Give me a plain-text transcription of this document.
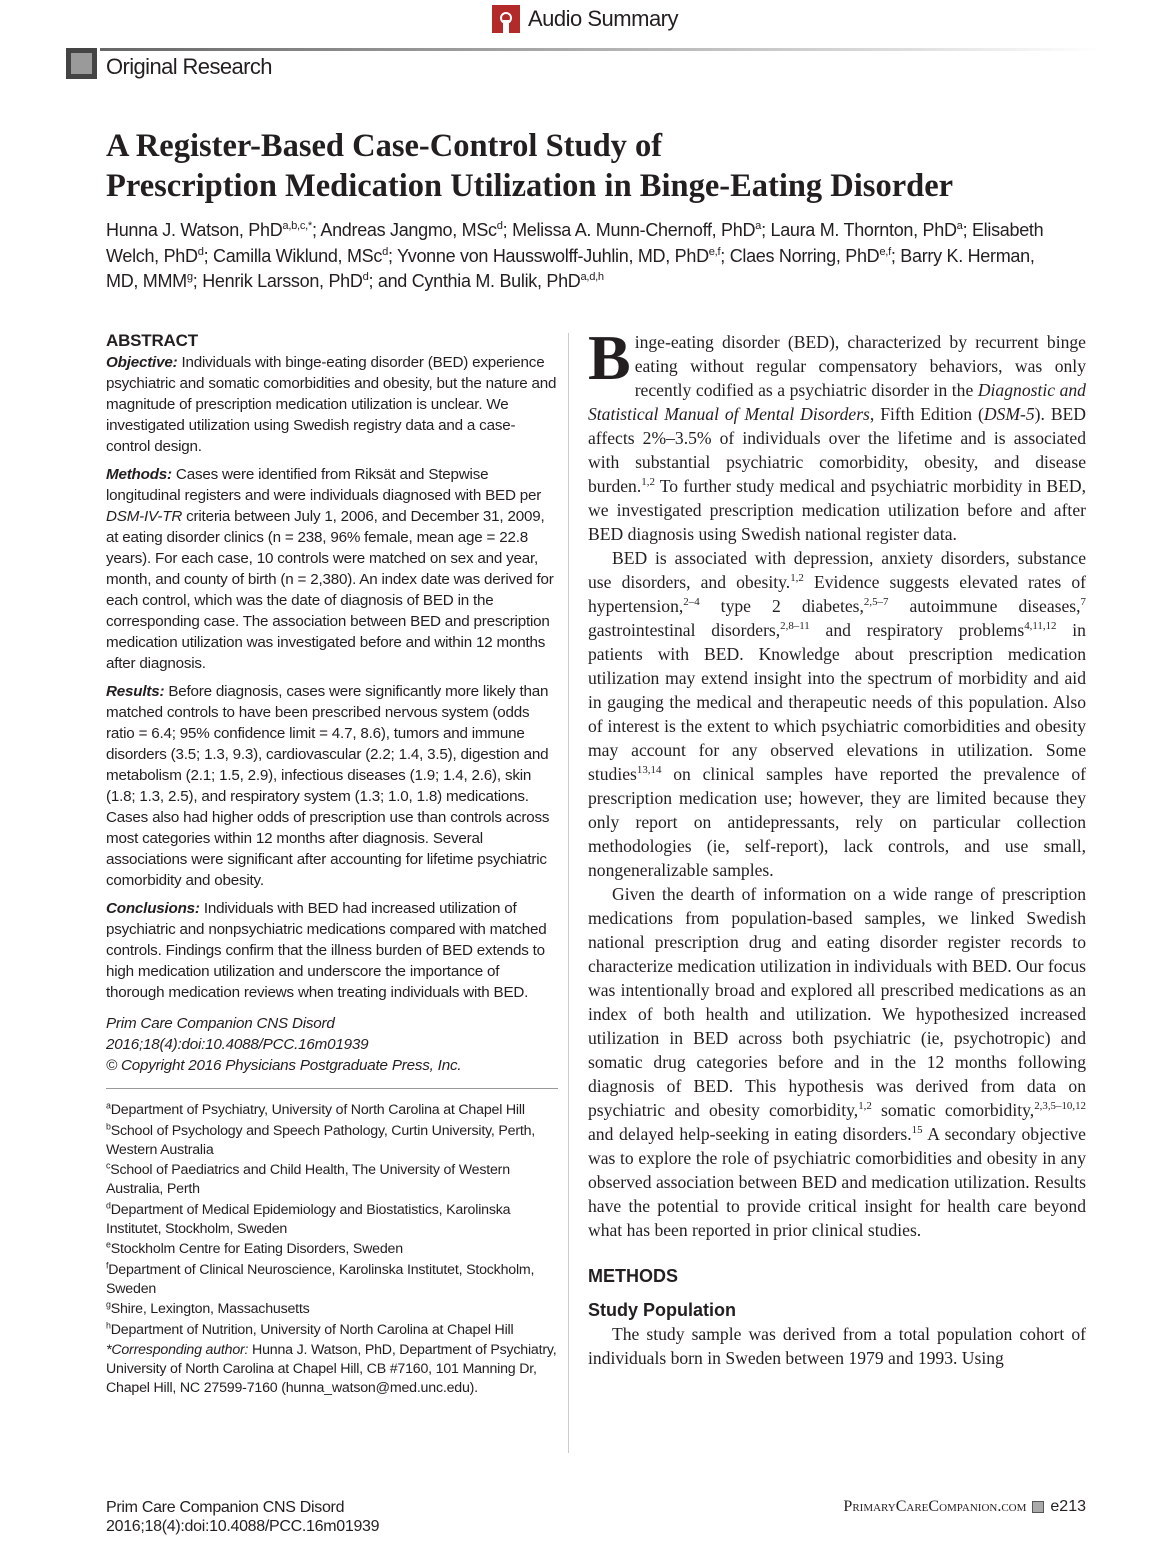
Audio Summary
Original Research
A Register-Based Case-Control Study of
Prescription Medication Utilization in Binge-Eating Disorder
Hunna J. Watson, PhD$^{a,b,c,*}$; Andreas Jangmo, MSc$^d$; Melissa A. Munn-Chernoff, PhD$^a$; Laura M. Thornton, PhD$^a$; Elisabeth Welch, PhD$^d$; Camilla Wiklund, MSc$^d$; Yvonne von Hausswolff-Juhlin, MD, PhD$^{e,f}$; Claes Norring, PhD$^{e,f}$; Barry K. Herman, MD, MMM$^g$; Henrik Larsson, PhD$^d$; and Cynthia M. Bulik, PhD$^{a,d,h}$
ABSTRACT

Objective: Individuals with binge-eating disorder (BED) experience psychiatric and somatic comorbidities and obesity, but the nature and magnitude of prescription medication utilization is unclear. We investigated utilization using Swedish registry data and a case-control design.

Methods: Cases were identified from Riksät and Stepwise longitudinal registers and were individuals diagnosed with BED per DSM-IV-TR criteria between July 1, 2006, and December 31, 2009, at eating disorder clinics (n = 238, 96% female, mean age = 22.8 years). For each case, 10 controls were matched on sex and year, month, and county of birth (n = 2,380). An index date was derived for each control, which was the date of diagnosis of BED in the corresponding case. The association between BED and prescription medication utilization was investigated before and within 12 months after diagnosis.

Results: Before diagnosis, cases were significantly more likely than matched controls to have been prescribed nervous system (odds ratio = 6.4; 95% confidence limit = 4.7, 8.6), tumors and immune disorders (3.5; 1.3, 9.3), cardiovascular (2.2; 1.4, 3.5), digestion and metabolism (2.1; 1.5, 2.9), infectious diseases (1.9; 1.4, 2.6), skin (1.8; 1.3, 2.5), and respiratory system (1.3; 1.0, 1.8) medications. Cases also had higher odds of prescription use than controls across most categories within 12 months after diagnosis. Several associations were significant after accounting for lifetime psychiatric comorbidity and obesity.

Conclusions: Individuals with BED had increased utilization of psychiatric and nonpsychiatric medications compared with matched controls. Findings confirm that the illness burden of BED extends to high medication utilization and underscore the importance of thorough medication reviews when treating individuals with BED.

Prim Care Companion CNS Disord
2016;18(4):doi:10.4088/PCC.16m01939
© Copyright 2016 Physicians Postgraduate Press, Inc.

$^a$Department of Psychiatry, University of North Carolina at Chapel Hill

$^b$School of Psychology and Speech Pathology, Curtin University, Perth, Western Australia

$^c$School of Paediatrics and Child Health, The University of Western Australia, Perth

$^d$Department of Medical Epidemiology and Biostatistics, Karolinska Institutet, Stockholm, Sweden

$^e$Stockholm Centre for Eating Disorders, Sweden

$^f$Department of Clinical Neuroscience, Karolinska Institutet, Stockholm, Sweden

$^g$Shire, Lexington, Massachusetts

$^h$Department of Nutrition, University of North Carolina at Chapel Hill

*Corresponding author: Hunna J. Watson, PhD, Department of Psychiatry, University of North Carolina at Chapel Hill, CB #7160, 101 Manning Dr, Chapel Hill, NC 27599-7160 (hunna_watson@med.unc.edu).

Binge-eating disorder (BED), characterized by recurrent binge eating without regular compensatory behaviors, was only recently codified as a psychiatric disorder in the Diagnostic and Statistical Manual of Mental Disorders, Fifth Edition (DSM-5). BED affects 2%–3.5% of individuals over the lifetime and is associated with substantial psychiatric comorbidity, obesity, and disease burden.$^{1,2}$ To further study medical and psychiatric morbidity in BED, we investigated prescription medication utilization before and after BED diagnosis using Swedish national register data.

BED is associated with depression, anxiety disorders, substance use disorders, and obesity.$^{1,2}$ Evidence suggests elevated rates of hypertension,$^{2-4}$ type 2 diabetes,$^{2,5-7}$ autoimmune diseases,$^7$ gastrointestinal disorders,$^{2,8-11}$ and respiratory problems$^{4,11,12}$ in patients with BED. Knowledge about prescription medication utilization may extend insight into the spectrum of morbidity and aid in gauging the medical and therapeutic needs of this population. Also of interest is the extent to which psychiatric comorbidities and obesity may account for any observed elevations in utilization. Some studies$^{13,14}$ on clinical samples have reported the prevalence of prescription medication use; however, they are limited because they only report on antidepressants, rely on particular collection methodologies (ie, self-report), lack controls, and use small, nongeneralizable samples.

Given the dearth of information on a wide range of prescription medications from population-based samples, we linked Swedish national prescription drug and eating disorder register records to characterize medication utilization in individuals with BED. Our focus was intentionally broad and explored all prescribed medications as an index of both health and utilization. We hypothesized increased utilization in BED across both psychiatric (ie, psychotropic) and somatic drug categories before and in the 12 months following diagnosis of BED. This hypothesis was derived from data on psychiatric and obesity comorbidity,$^{1,2}$ somatic comorbidity,$^{2,3,5-10,12}$ and delayed help-seeking in eating disorders.$^{15}$ A secondary objective was to explore the role of psychiatric comorbidities and obesity in any observed association between BED and medication utilization. Results have the potential to provide critical insight for health care beyond what has been reported in prior clinical studies.

METHODS
Study Population

The study sample was derived from a total population cohort of individuals born in Sweden between 1979 and 1993. Using

Prim Care Companion CNS Disord
2016;18(4):doi:10.4088/PCC.16m01939
PrimaryCareCompanion.com e213
